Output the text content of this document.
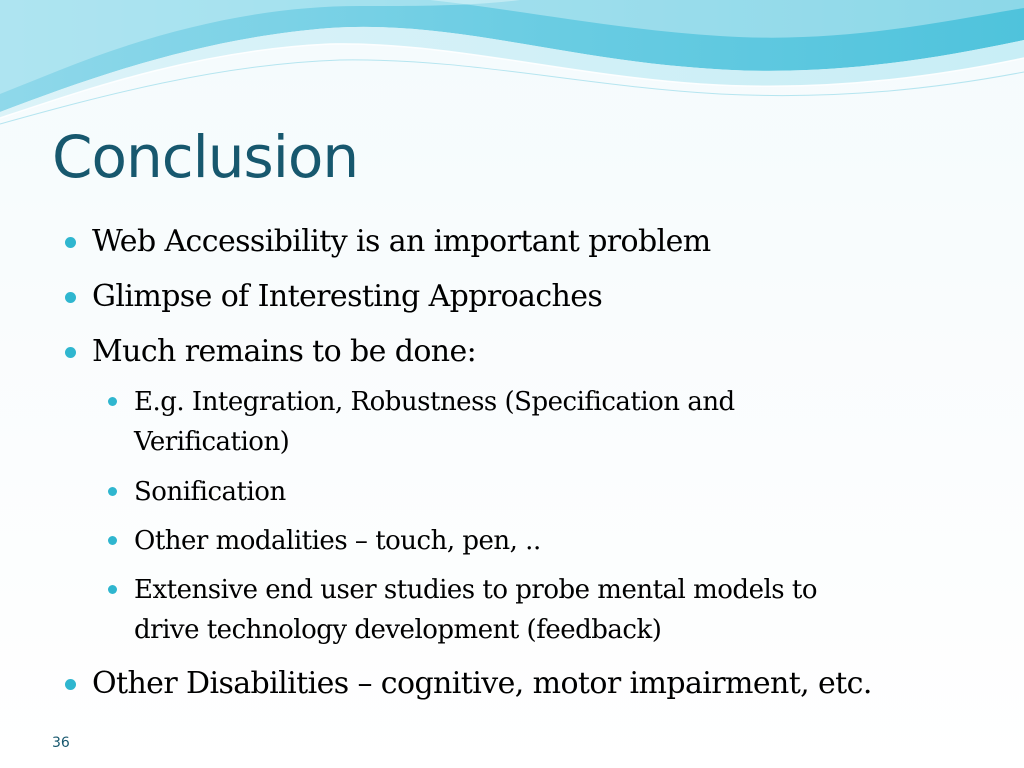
Conclusion
Web Accessibility is an important problem
Glimpse of Interesting Approaches
Much remains to be done:
E.g. Integration, Robustness (Specification and
Verification)
Sonification
Other modalities – touch, pen, ..
Extensive end user studies to probe mental models to
drive technology development (feedback)
Other Disabilities – cognitive, motor impairment, etc.
36
